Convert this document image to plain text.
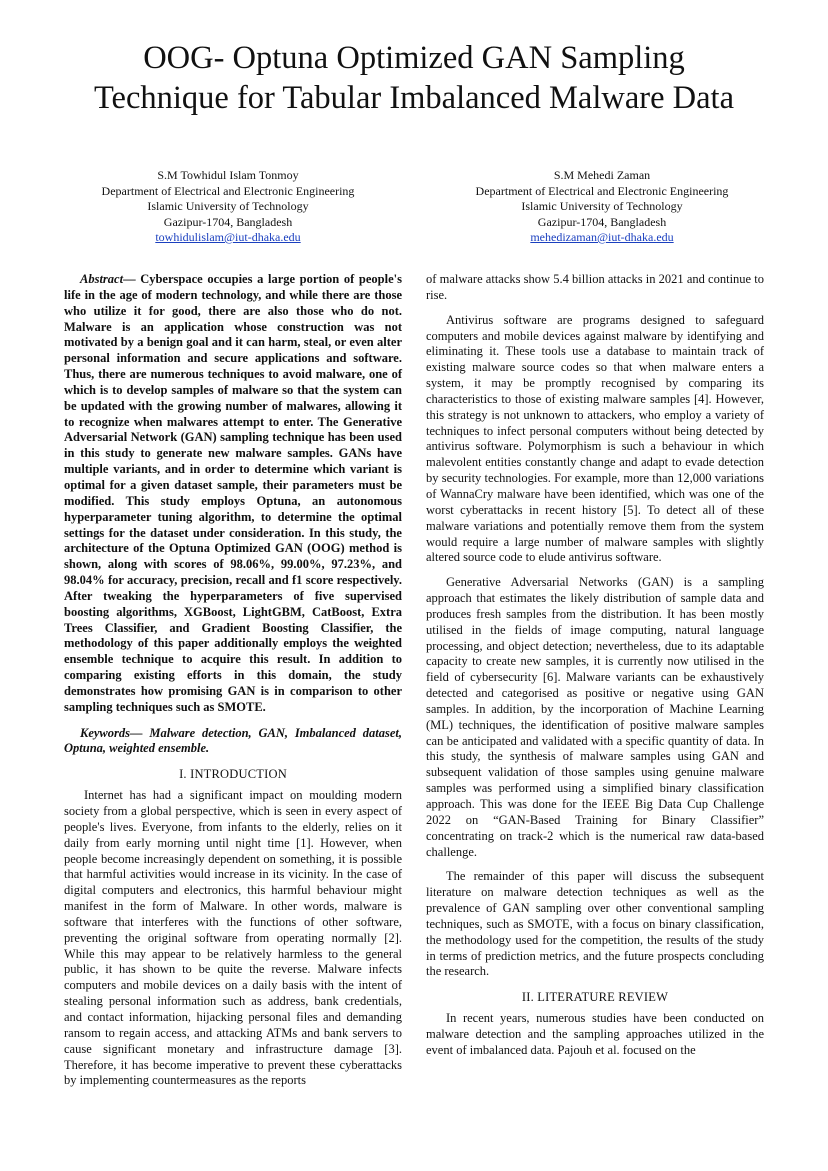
OOG- Optuna Optimized GAN Sampling
Technique for Tabular Imbalanced Malware Data
S.M Towhidul Islam Tonmoy
Department of Electrical and Electronic Engineering
Islamic University of Technology
Gazipur-1704, Bangladesh
towhidulislam@iut-dhaka.edu
S.M Mehedi Zaman
Department of Electrical and Electronic Engineering
Islamic University of Technology
Gazipur-1704, Bangladesh
mehedizaman@iut-dhaka.edu

Abstract— Cyberspace occupies a large portion of people's life in the age of modern technology, and while there are those who utilize it for good, there are also those who do not. Malware is an application whose construction was not motivated by a benign goal and it can harm, steal, or even alter personal information and secure applications and software. Thus, there are numerous techniques to avoid malware, one of which is to develop samples of malware so that the system can be updated with the growing number of malwares, allowing it to recognize when malwares attempt to enter. The Generative Adversarial Network (GAN) sampling technique has been used in this study to generate new malware samples. GANs have multiple variants, and in order to determine which variant is optimal for a given dataset sample, their parameters must be modified. This study employs Optuna, an autonomous hyperparameter tuning algorithm, to determine the optimal settings for the dataset under consideration. In this study, the architecture of the Optuna Optimized GAN (OOG) method is shown, along with scores of 98.06%, 99.00%, 97.23%, and 98.04% for accuracy, precision, recall and f1 score respectively. After tweaking the hyperparameters of five supervised boosting algorithms, XGBoost, LightGBM, CatBoost, Extra Trees Classifier, and Gradient Boosting Classifier, the methodology of this paper additionally employs the weighted ensemble technique to acquire this result. In addition to comparing existing efforts in this domain, the study demonstrates how promising GAN is in comparison to other sampling techniques such as SMOTE.

Keywords— Malware detection, GAN, Imbalanced dataset, Optuna, weighted ensemble.

I. INTRODUCTION

Internet has had a significant impact on moulding modern society from a global perspective, which is seen in every aspect of people's lives. Everyone, from infants to the elderly, relies on it daily from early morning until night time [1]. However, when people become increasingly dependent on something, it is possible that harmful activities would increase in its vicinity. In the case of digital computers and electronics, this harmful behaviour might manifest in the form of Malware. In other words, malware is software that interferes with the functions of other software, preventing the original software from operating normally [2]. While this may appear to be relatively harmless to the general public, it has shown to be quite the reverse. Malware infects computers and mobile devices on a daily basis with the intent of stealing personal information such as address, bank credentials, and contact information, hijacking personal files and demanding ransom to regain access, and attacking ATMs and bank servers to cause significant monetary and infrastructure damage [3]. Therefore, it has become imperative to prevent these cyberattacks by implementing countermeasures as the reports

of malware attacks show 5.4 billion attacks in 2021 and continue to rise.

Antivirus software are programs designed to safeguard computers and mobile devices against malware by identifying and eliminating it. These tools use a database to maintain track of existing malware source codes so that when malware enters a system, it may be promptly recognised by comparing its characteristics to those of existing malware samples [4]. However, this strategy is not unknown to attackers, who employ a variety of techniques to infect personal computers without being detected by antivirus software. Polymorphism is such a behaviour in which malevolent entities constantly change and adapt to evade detection by security technologies. For example, more than 12,000 variations of WannaCry malware have been identified, which was one of the worst cyberattacks in recent history [5]. To detect all of these malware variations and potentially remove them from the system would require a large number of malware samples with slightly altered source code to elude antivirus software.

Generative Adversarial Networks (GAN) is a sampling approach that estimates the likely distribution of sample data and produces fresh samples from the distribution. It has been mostly utilised in the fields of image computing, natural language processing, and object detection; nevertheless, due to its adaptable capacity to create new samples, it is currently now utilised in the field of cybersecurity [6]. Malware variants can be exhaustively detected and categorised as positive or negative using GAN samples. In addition, by the incorporation of Machine Learning (ML) techniques, the identification of positive malware samples can be anticipated and validated with a specific quantity of data. In this study, the synthesis of malware samples using GAN and subsequent validation of those samples using genuine malware samples was performed using a simplified binary classification approach. This was done for the IEEE Big Data Cup Challenge 2022 on “GAN-Based Training for Binary Classifier” concentrating on track-2 which is the numerical raw data-based challenge.

The remainder of this paper will discuss the subsequent literature on malware detection techniques as well as the prevalence of GAN sampling over other conventional sampling techniques, such as SMOTE, with a focus on binary classification, the methodology used for the competition, the results of the study in terms of prediction metrics, and the future prospects concluding the research.

II. LITERATURE REVIEW

In recent years, numerous studies have been conducted on malware detection and the sampling approaches utilized in the event of imbalanced data. Pajouh et al. focused on the
